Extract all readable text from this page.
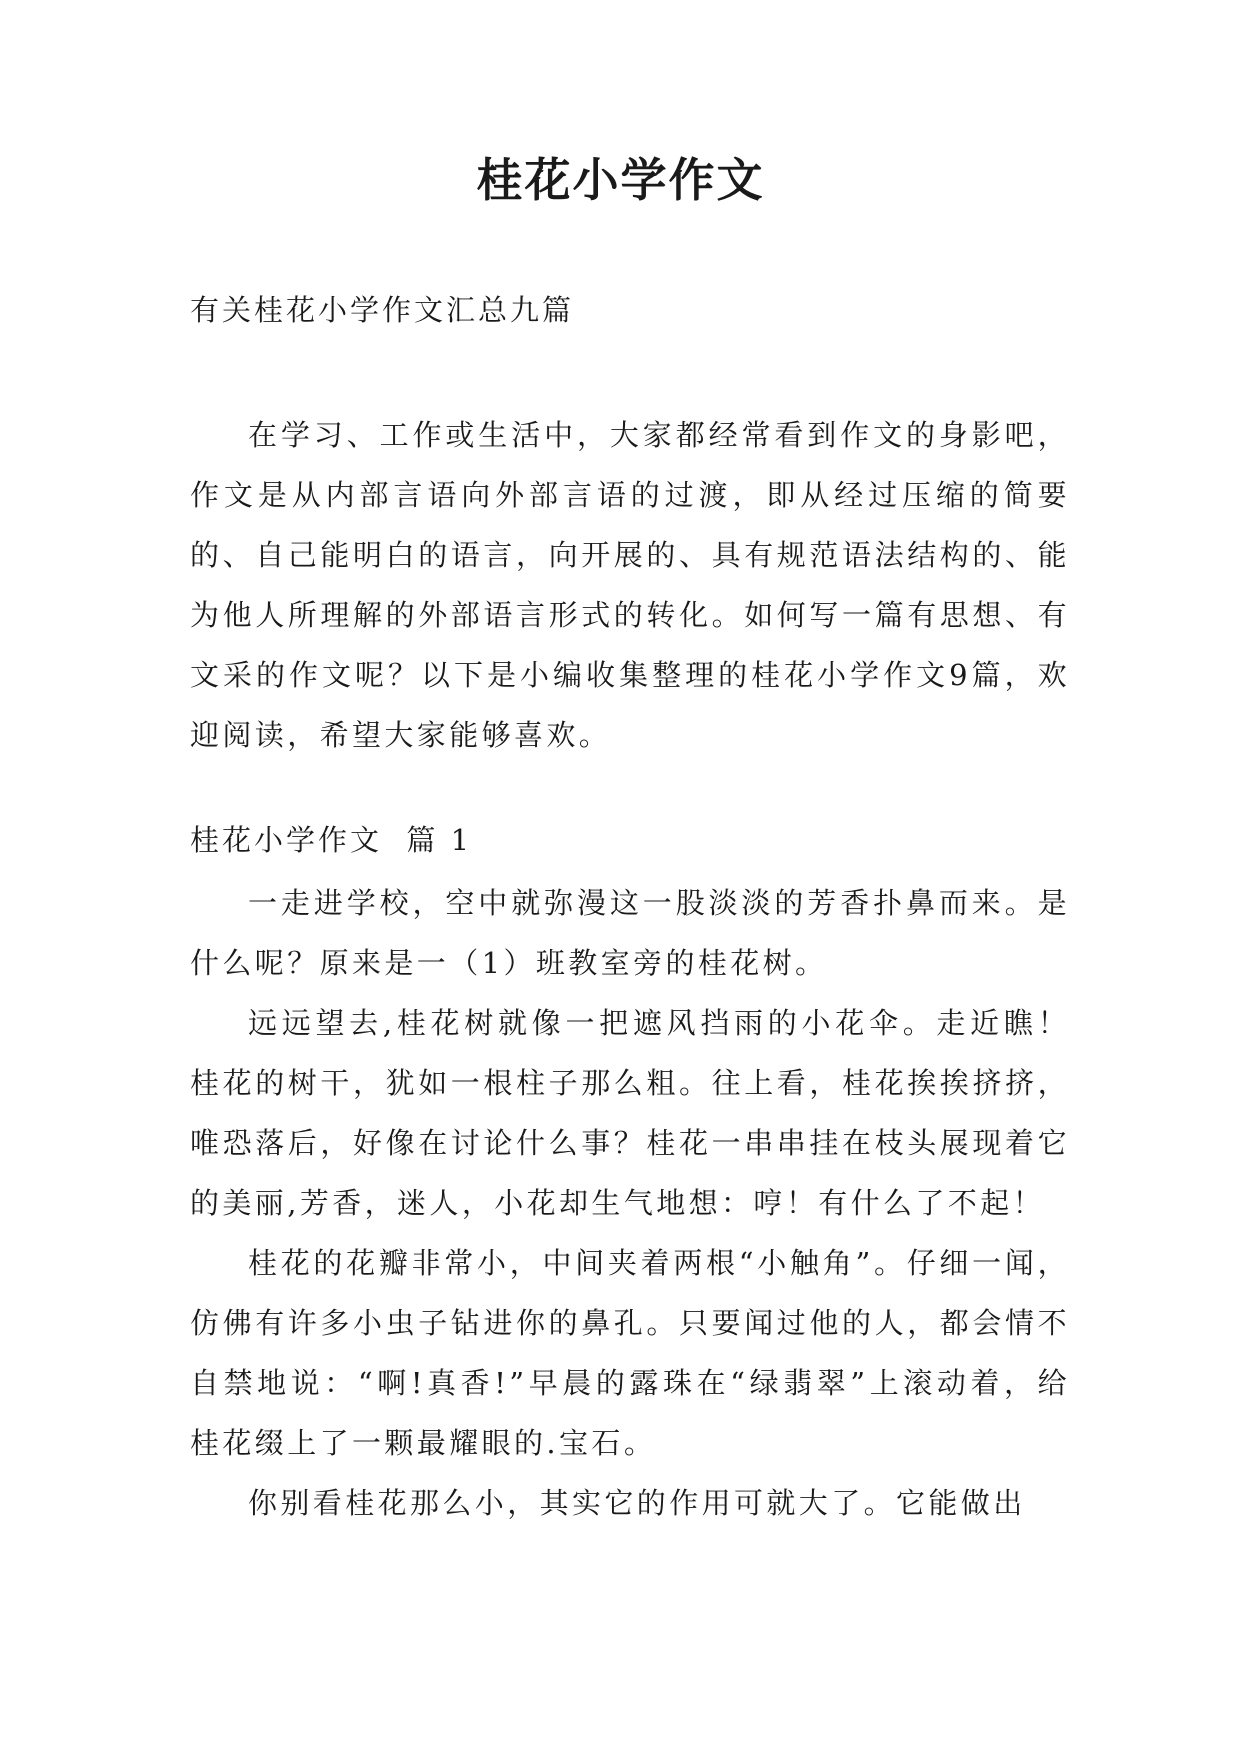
桂花小学作文
有关桂花小学作文汇总九篇

在学习、工作或生活中，大家都经常看到作文的身影吧，作文是从内部言语向外部言语的过渡，即从经过压缩的简要的、自己能明白的语言，向开展的、具有规范语法结构的、能为他人所理解的外部语言形式的转化。如何写一篇有思想、有文采的作文呢？以下是小编收集整理的桂花小学作文9篇，欢迎阅读，希望大家能够喜欢。

桂花小学作文  篇 1

一走进学校，空中就弥漫这一股淡淡的芳香扑鼻而来。是什么呢？原来是一（1）班教室旁的桂花树。

远远望去,桂花树就像一把遮风挡雨的小花伞。走近瞧！桂花的树干，犹如一根柱子那么粗。往上看，桂花挨挨挤挤，唯恐落后，好像在讨论什么事？桂花一串串挂在枝头展现着它的美丽,芳香，迷人，小花却生气地想：哼！有什么了不起！

桂花的花瓣非常小，中间夹着两根“小触角”。仔细一闻，仿佛有许多小虫子钻进你的鼻孔。只要闻过他的人，都会情不自禁地说：“啊!真香!”早晨的露珠在“绿翡翠”上滚动着，给桂花缀上了一颗最耀眼的.宝石。

你别看桂花那么小，其实它的作用可就大了。它能做出
